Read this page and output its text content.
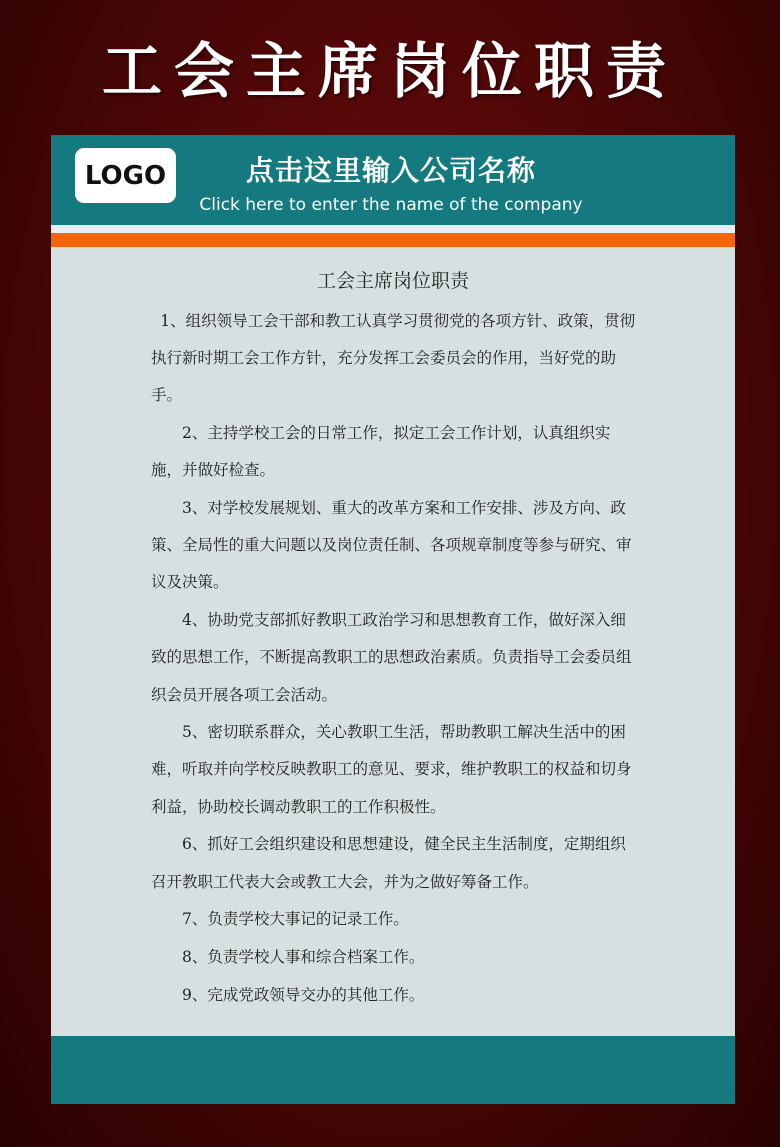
工会主席岗位职责
LOGO	点击这里输入公司名称
Click here to enter the name of the company
工会主席岗位职责

1、组织领导工会干部和教工认真学习贯彻党的各项方针、政策，贯彻执行新时期工会工作方针，充分发挥工会委员会的作用，当好党的助手。

2、主持学校工会的日常工作，拟定工会工作计划，认真组织实施，并做好检查。

3、对学校发展规划、重大的改革方案和工作安排、涉及方向、政策、全局性的重大问题以及岗位责任制、各项规章制度等参与研究、审议及决策。

4、协助党支部抓好教职工政治学习和思想教育工作，做好深入细致的思想工作，不断提高教职工的思想政治素质。负责指导工会委员组织会员开展各项工会活动。

5、密切联系群众，关心教职工生活，帮助教职工解决生活中的困难，听取并向学校反映教职工的意见、要求，维护教职工的权益和切身利益，协助校长调动教职工的工作积极性。

6、抓好工会组织建设和思想建设，健全民主生活制度，定期组织召开教职工代表大会或教工大会，并为之做好筹备工作。

7、负责学校大事记的记录工作。

8、负责学校人事和综合档案工作。

9、完成党政领导交办的其他工作。
